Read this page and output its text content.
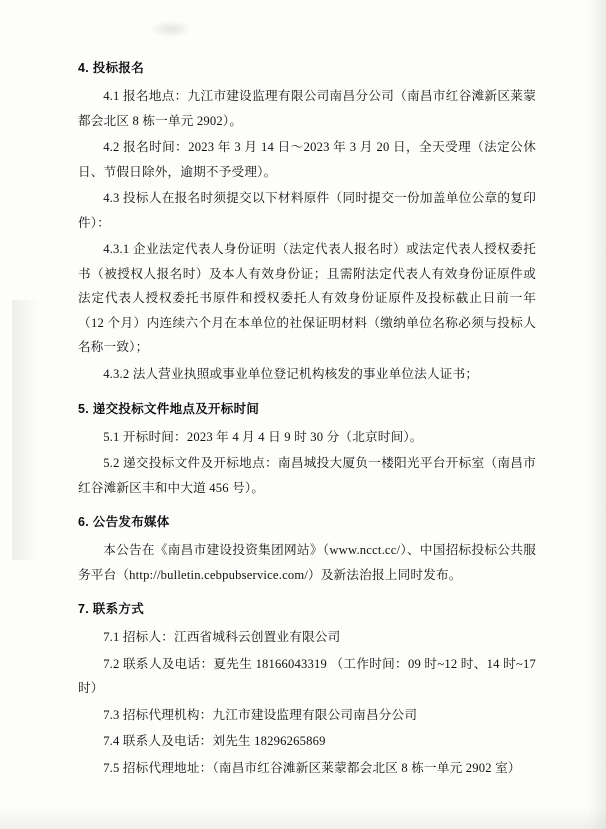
4. 投标报名

4.1 报名地点：九江市建设监理有限公司南昌分公司（南昌市红谷滩新区莱蒙都会北区 8 栋一单元 2902）。

4.2 报名时间：2023 年 3 月 14 日～2023 年 3 月 20 日，全天受理（法定公休日、节假日除外，逾期不予受理）。

4.3 投标人在报名时须提交以下材料原件（同时提交一份加盖单位公章的复印件）：

4.3.1 企业法定代表人身份证明（法定代表人报名时）或法定代表人授权委托书（被授权人报名时）及本人有效身份证；且需附法定代表人有效身份证原件或法定代表人授权委托书原件和授权委托人有效身份证原件及投标截止日前一年（12 个月）内连续六个月在本单位的社保证明材料（缴纳单位名称必须与投标人名称一致）；

4.3.2 法人营业执照或事业单位登记机构核发的事业单位法人证书；

5. 递交投标文件地点及开标时间

5.1 开标时间：2023 年 4 月 4 日 9 时 30 分（北京时间）。

5.2 递交投标文件及开标地点：南昌城投大厦负一楼阳光平台开标室（南昌市红谷滩新区丰和中大道 456 号）。

6. 公告发布媒体

本公告在《南昌市建设投资集团网站》（www.ncct.cc/）、中国招标投标公共服务平台（http://bulletin.cebpubservice.com/）及新法治报上同时发布。

7. 联系方式

7.1 招标人：江西省城科云创置业有限公司

7.2 联系人及电话：夏先生 18166043319 （工作时间：09 时~12 时、14 时~17 时）

7.3 招标代理机构：九江市建设监理有限公司南昌分公司

7.4 联系人及电话：刘先生 18296265869

7.5 招标代理地址：（南昌市红谷滩新区莱蒙都会北区 8 栋一单元 2902 室）
